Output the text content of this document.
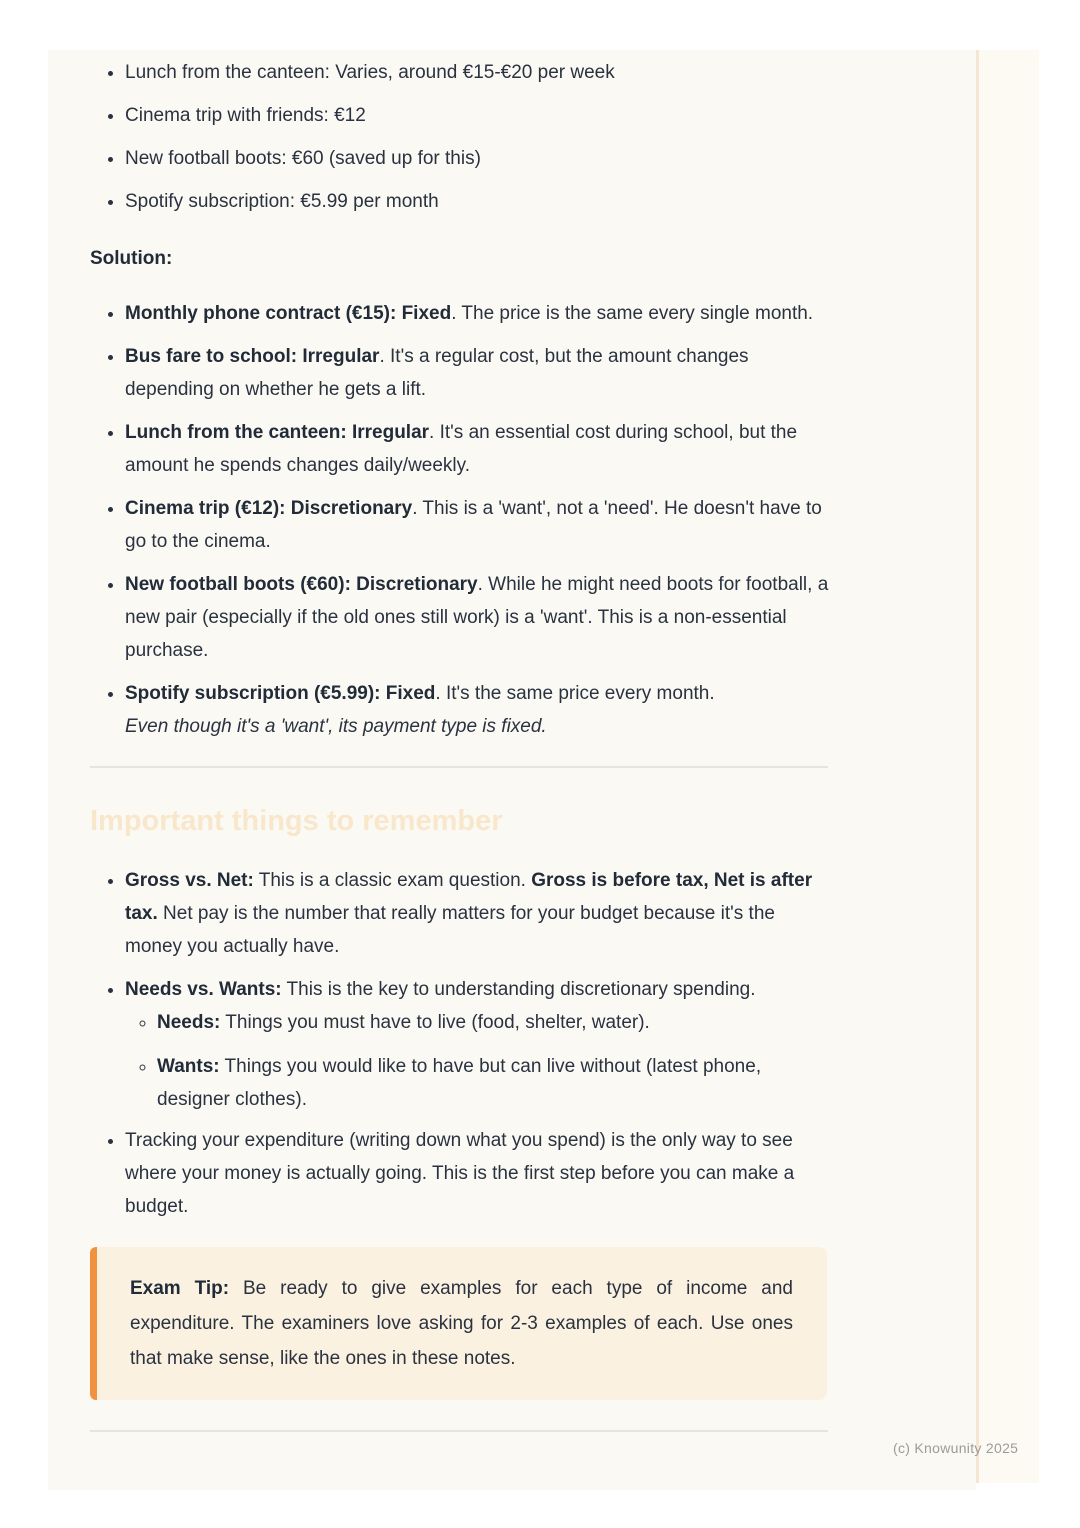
• Lunch from the canteen: Varies, around €15-€20 per week
• Cinema trip with friends: €12
• New football boots: €60 (saved up for this)
• Spotify subscription: €5.99 per month

Solution:

• Monthly phone contract (€15): Fixed. The price is the same every single month.
• Bus fare to school: Irregular. It's a regular cost, but the amount changes depending on whether he gets a lift.
• Lunch from the canteen: Irregular. It's an essential cost during school, but the amount he spends changes daily/weekly.
• Cinema trip (€12): Discretionary. This is a 'want', not a 'need'. He doesn't have to go to the cinema.
• New football boots (€60): Discretionary. While he might need boots for football, a new pair (especially if the old ones still work) is a 'want'. This is a non-essential purchase.
• Spotify subscription (€5.99): Fixed. It's the same price every month.
Even though it's a 'want', its payment type is fixed.
Important things to remember
• Gross vs. Net: This is a classic exam question. Gross is before tax, Net is after tax. Net pay is the number that really matters for your budget because it's the money you actually have.
• Needs vs. Wants: This is the key to understanding discretionary spending.
◦ Needs: Things you must have to live (food, shelter, water).
◦ Wants: Things you would like to have but can live without (latest phone, designer clothes).
• Tracking your expenditure (writing down what you spend) is the only way to see where your money is actually going. This is the first step before you can make a budget.

Exam Tip: Be ready to give examples for each type of income and expenditure. The examiners love asking for 2-3 examples of each. Use ones that make sense, like the ones in these notes.

(c) Knowunity 2025
